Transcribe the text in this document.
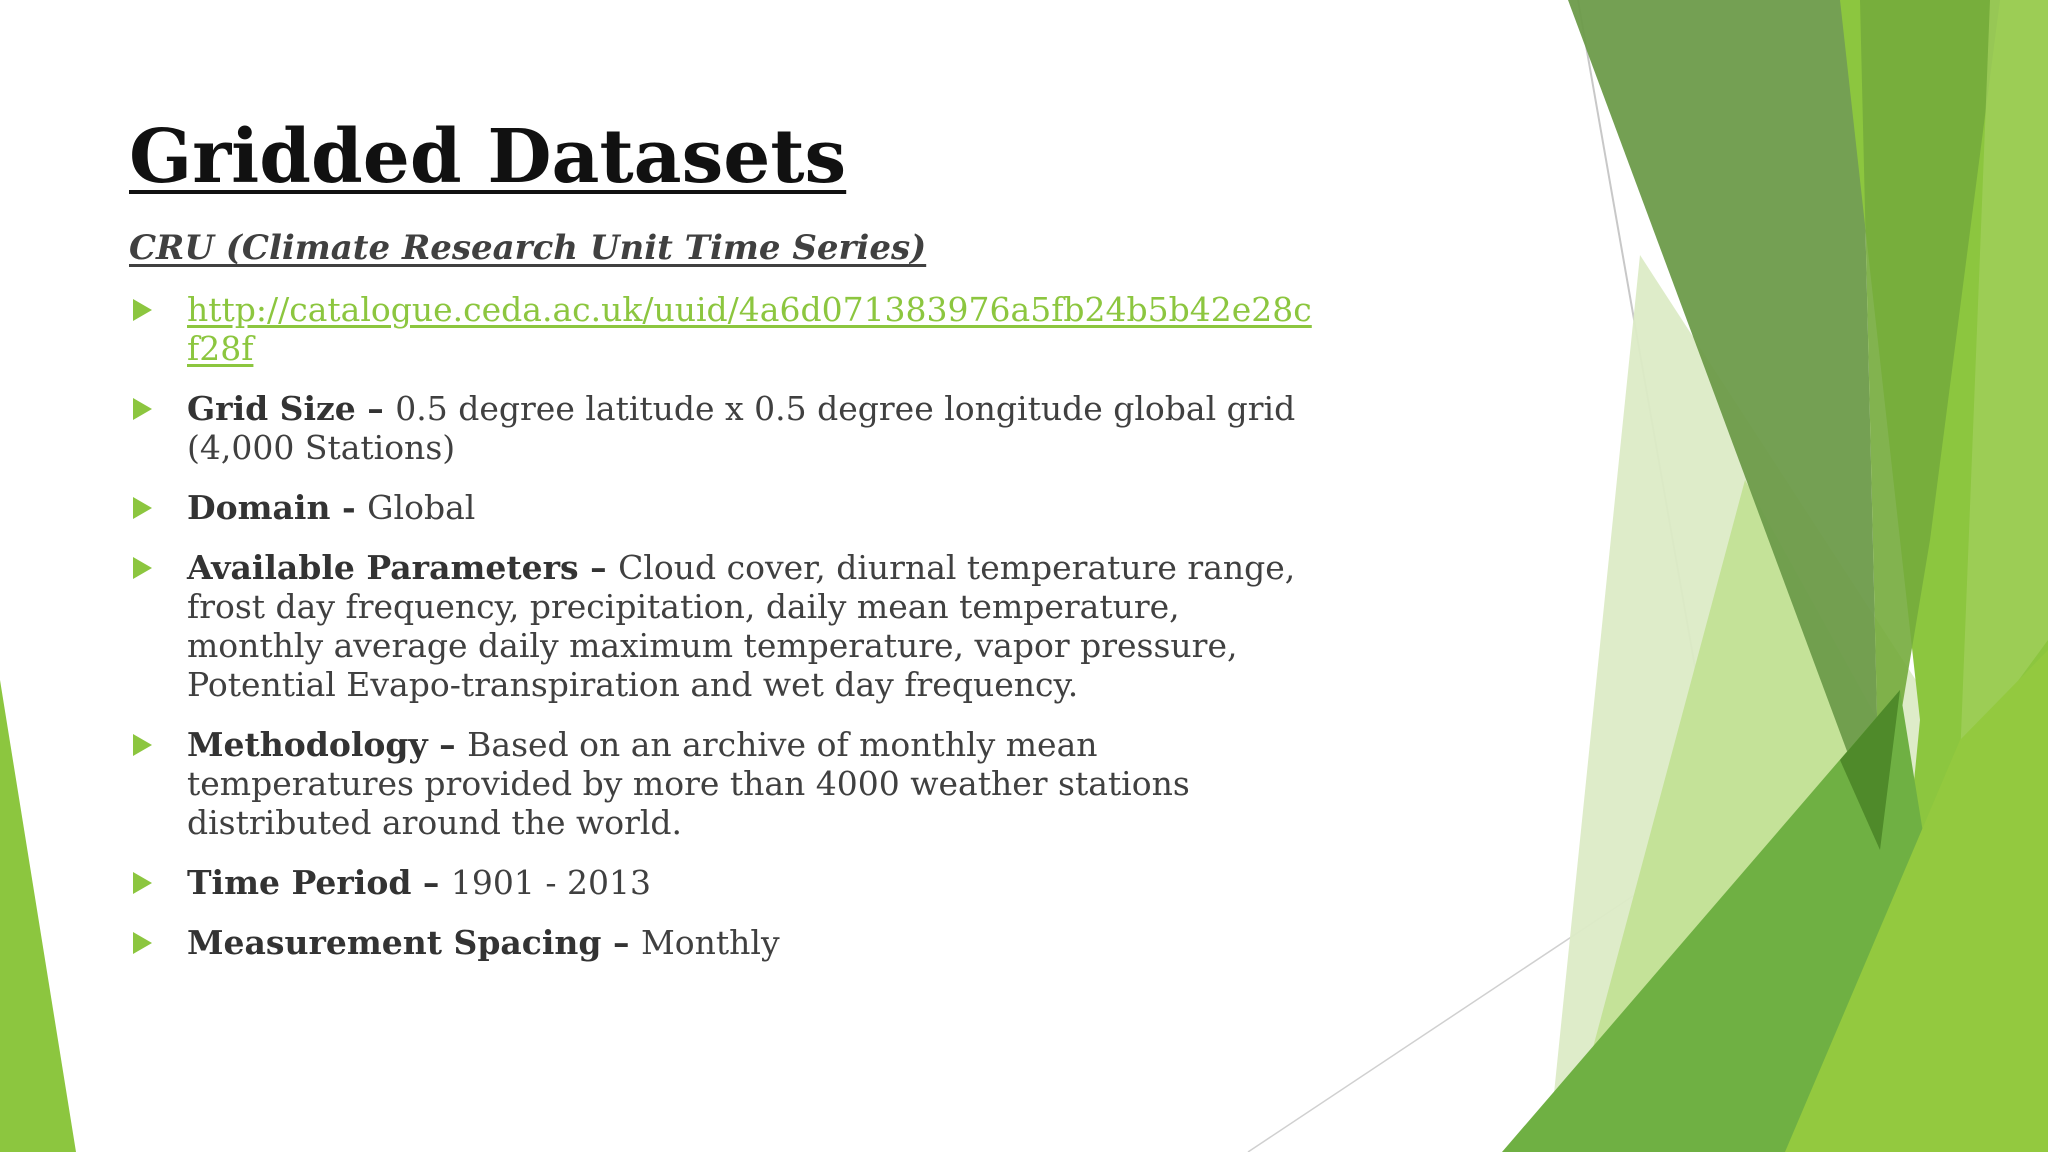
Gridded Datasets
CRU (Climate Research Unit Time Series)
http://catalogue.ceda.ac.uk/uuid/4a6d071383976a5fb24b5b42e28cf28f
Grid Size – 0.5 degree latitude x 0.5 degree longitude global grid (4,000 Stations)
Domain - Global
Available Parameters – Cloud cover, diurnal temperature range, frost day frequency, precipitation, daily mean temperature, monthly average daily maximum temperature, vapor pressure, Potential Evapo-transpiration and wet day frequency.
Methodology – Based on an archive of monthly mean temperatures provided by more than 4000 weather stations distributed around the world.
Time Period – 1901 - 2013
Measurement Spacing – Monthly
